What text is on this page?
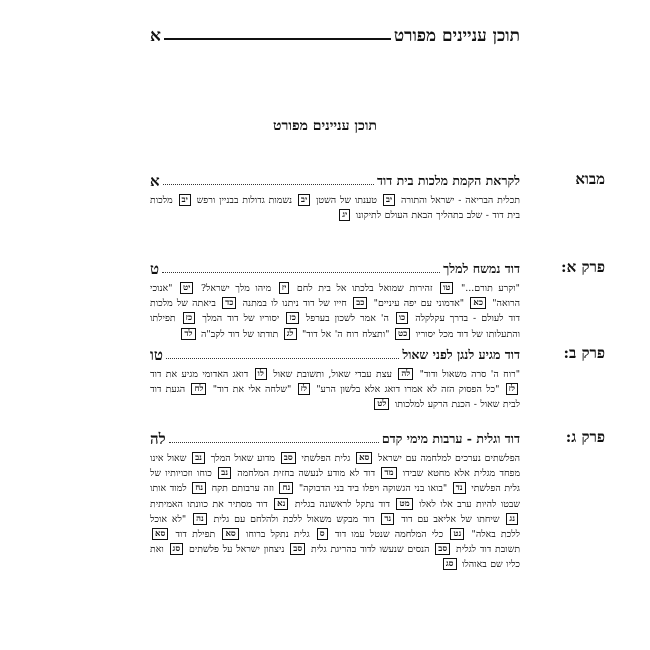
תוכן עניינים מפורט
א
תוכן עניינים מפורט
מבוא
לקראת הקמת מלכות בית דוד
א
תכלית הבריאה - ישראל והתורה יב טענתו של השטן יב נשמות גדולות בבניין ורפש יב מלכות בית דוד - שלב בתהליך הבאת העולם לתיקונו יג
פרק א:
דוד נמשח למלך
ט
"וקרע תורם..." טו זהירות שמואל בלכתו אל בית לחם יז מיהו מלך ישראל? יט "אנוכי הרואה" כא "אדמוני עם יפה עיניים" כב חייו של דוד ניתנו לו במתנה כד ביאתה של מלכות דוד לעולם - בדרך עקלקלה כו ה' אמר לשכון בערפל כז יסוריו של דוד המלך כז תפילתו והתעלותו של דוד מכל יסוריו כט "ותצלח רוח ה' אל דוד" לג תודתו של דוד לקב"ה לד
פרק ב:
דוד מגיע לנגן לפני שאול
טו
"רוח ה' סרה משאול ודוד" לה עצת עבדי שאול, ותשובת שאול לו דואג האדומי מגיע את דוד לז "כל הפסוק הזה לא אמרו דואג אלא בלשון הרע" לז "שלחה אלי את דוד" לח הגעת דוד לבית שאול - הכנת הרקע למלכותו לט
פרק ג:
דוד וגלית - ערבות מימי קדם
לה
הפלשתים נערכים למלחמה עם ישראל סא גלית הפלשתי סב מדוע שאול המלך נב שאול אינו מפחד מגלית אלא מחטא שבידו מד דוד לא מודע לנעשה בחזית המלחמה נב כוחו וזכויותיו של גלית הפלשתי נד "בואו בני הגשוקה ויפלו ביד בני הדבוקה" נח וזה ערבותם תקח נח למוד אותו שבטו להיות ערב אלו לאלו מט דוד נתקל לראשונה בגלית נא דוד מסתיר את כוונתו האמיתית נג שיחתו של אליאב עם דוד נד דוד מבקש משאול ללכת ולהלחם עם גלית נה "לא אוכל ללכת באלה" נט כלי המלחמה שנטל עמו דוד ס גלית נתקל ברוחו סא תפילת דוד סא תשובת דוד לגלית סב הנסים שנעשו לדוד בהריגת גלית סב ניצחון ישראל על פלשתים סג ואת כליו שם באוהלו סג
